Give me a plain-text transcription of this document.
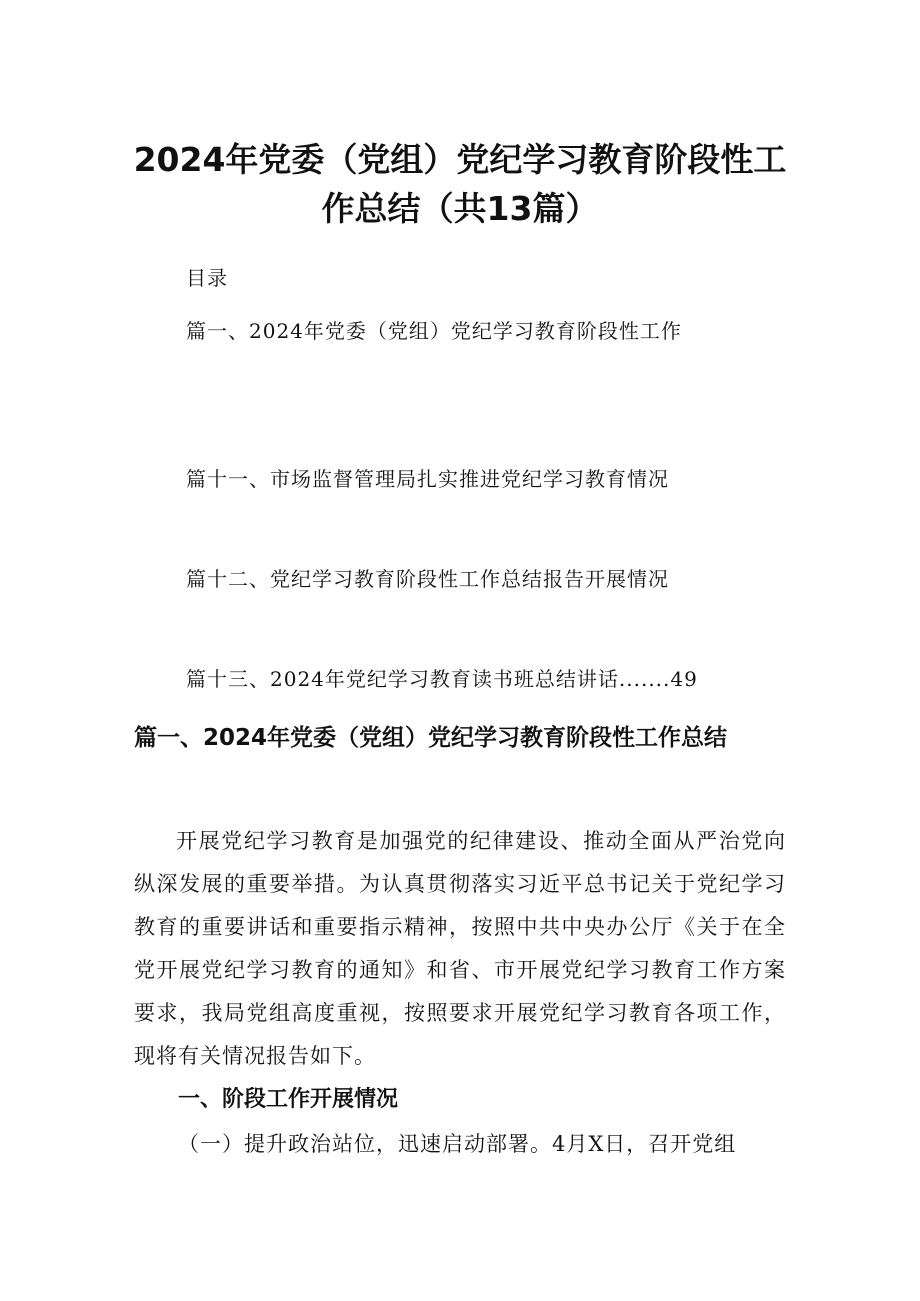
2024年党委（党组）党纪学习教育阶段性工
作总结（共13篇）

目录

篇一、2024年党委（党组）党纪学习教育阶段性工作

篇十一、市场监督管理局扎实推进党纪学习教育情况

篇十二、党纪学习教育阶段性工作总结报告开展情况

篇十三、2024年党纪学习教育读书班总结讲话.......49

篇一、2024年党委（党组）党纪学习教育阶段性工作总结

开展党纪学习教育是加强党的纪律建设、推动全面从严治党向纵深发展的重要举措。为认真贯彻落实习近平总书记关于党纪学习教育的重要讲话和重要指示精神，按照中共中央办公厅《关于在全党开展党纪学习教育的通知》和省、市开展党纪学习教育工作方案要求，我局党组高度重视，按照要求开展党纪学习教育各项工作，现将有关情况报告如下。

一、阶段工作开展情况

（一）提升政治站位，迅速启动部署。4月X日，召开党组
